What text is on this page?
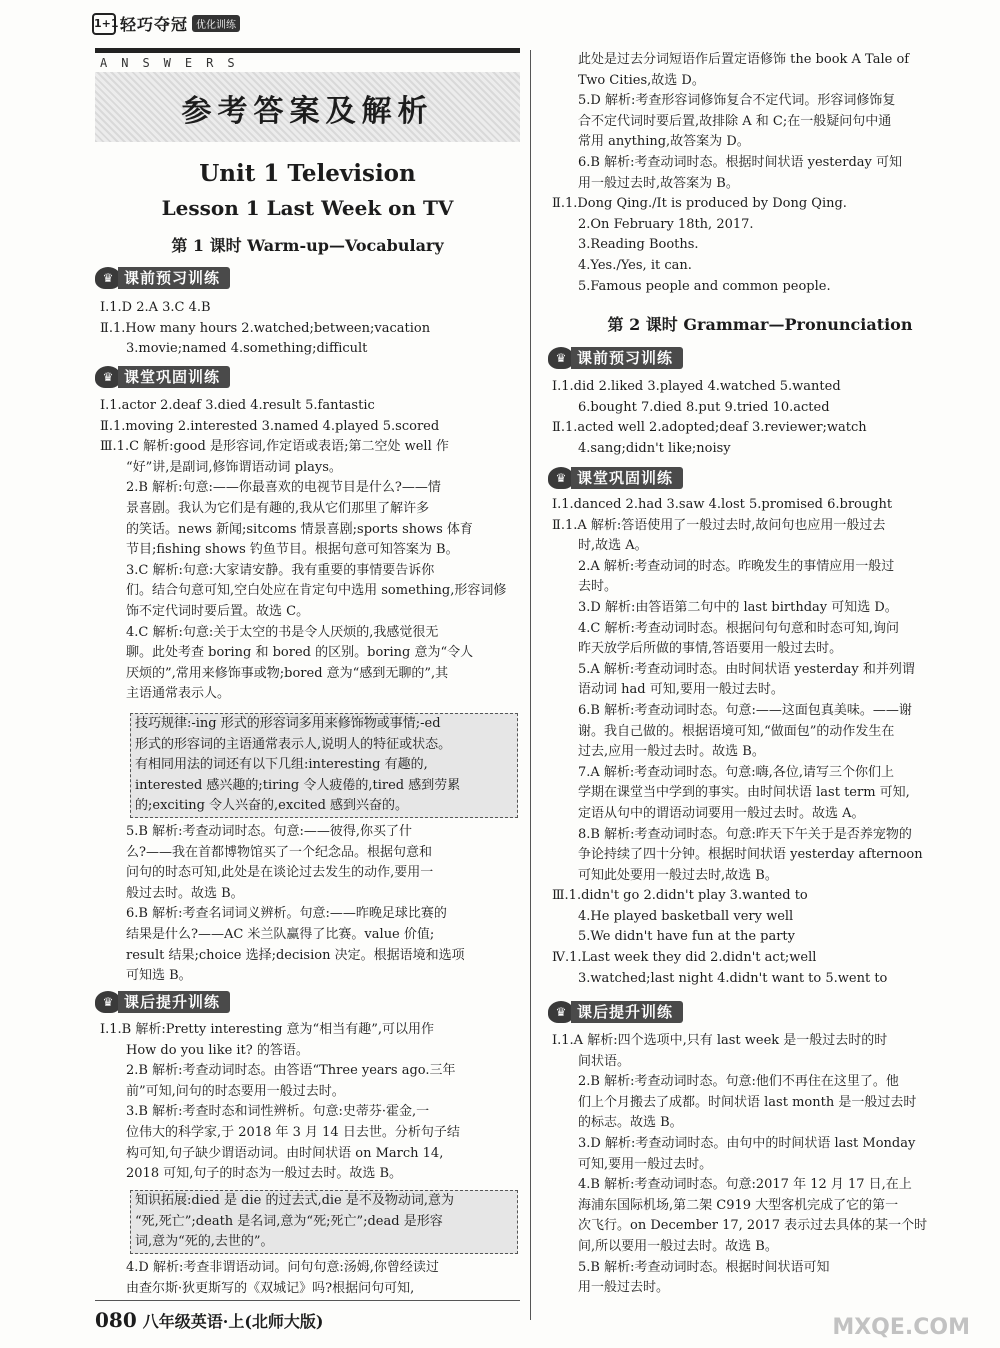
1+1 轻巧夺冠 优化训练
ANSWERS
参考答案及解析
Unit 1 Television
Lesson 1 Last Week on TV
第 1 课时 Warm-up—Vocabulary
♛ 课前预习训练
Ⅰ.1.D 2.A 3.C 4.B
Ⅱ.1.How many hours 2.watched;between;vacation
  3.movie;named 4.something;difficult
♛ 课堂巩固训练
Ⅰ.1.actor 2.deaf 3.died 4.result 5.fantastic
Ⅱ.1.moving 2.interested 3.named 4.played 5.scored
Ⅲ.1.C 解析:good 是形容词,作定语或表语;第二空处 well 作
  “好”讲,是副词,修饰谓语动词 plays。
  2.B 解析:句意:——你最喜欢的电视节目是什么?——情
  景喜剧。我认为它们是有趣的,我从它们那里了解许多
  的笑话。news 新闻;sitcoms 情景喜剧;sports shows 体育
  节目;fishing shows 钓鱼节目。根据句意可知答案为 B。
  3.C 解析:句意:大家请安静。我有重要的事情要告诉你
  们。结合句意可知,空白处应在肯定句中选用 something,形容词修
  饰不定代词时要后置。故选 C。
  4.C 解析:句意:关于太空的书是令人厌烦的,我感觉很无
  聊。此处考查 boring 和 bored 的区别。boring 意为“令人
  厌烦的”,常用来修饰事或物;bored 意为“感到无聊的”,其
  主语通常表示人。
技巧规律:-ing 形式的形容词多用来修饰物或事情;-ed
形式的形容词的主语通常表示人,说明人的特征或状态。
有相同用法的词还有以下几组:interesting 有趣的,
interested 感兴趣的;tiring 令人疲倦的,tired 感到劳累
的;exciting 令人兴奋的,excited 感到兴奋的。
  5.B 解析:考查动词时态。句意:——彼得,你买了什
  么?——我在首都博物馆买了一个纪念品。根据句意和
  问句的时态可知,此处是在谈论过去发生的动作,要用一
  般过去时。故选 B。
  6.B 解析:考查名词词义辨析。句意:——昨晚足球比赛的
  结果是什么?——AC 米兰队赢得了比赛。value 价值;
  result 结果;choice 选择;decision 决定。根据语境和选项
  可知选 B。
♛ 课后提升训练
Ⅰ.1.B 解析:Pretty interesting 意为“相当有趣”,可以用作
  How do you like it? 的答语。
  2.B 解析:考查动词时态。由答语“Three years ago.三年
  前”可知,问句的时态要用一般过去时。
  3.B 解析:考查时态和词性辨析。句意:史蒂芬·霍金,一
  位伟大的科学家,于 2018 年 3 月 14 日去世。分析句子结
  构可知,句子缺少谓语动词。由时间状语 on March 14,
  2018 可知,句子的时态为一般过去时。故选 B。
知识拓展:died 是 die 的过去式,die 是不及物动词,意为
“死,死亡”;death 是名词,意为“死;死亡”;dead 是形容
词,意为“死的,去世的”。
  4.D 解析:考查非谓语动词。问句句意:汤姆,你曾经读过
  由查尔斯·狄更斯写的《双城记》吗?根据问句可知,
  此处是过去分词短语作后置定语修饰 the book A Tale of
  Two Cities,故选 D。
  5.D 解析:考查形容词修饰复合不定代词。形容词修饰复
  合不定代词时要后置,故排除 A 和 C;在一般疑问句中通
  常用 anything,故答案为 D。
  6.B 解析:考查动词时态。根据时间状语 yesterday 可知
  用一般过去时,故答案为 B。
Ⅱ.1.Dong Qing./It is produced by Dong Qing.
  2.On February 18th, 2017.
  3.Reading Booths.
  4.Yes./Yes, it can.
  5.Famous people and common people.
第 2 课时 Grammar—Pronunciation
♛ 课前预习训练
Ⅰ.1.did 2.liked 3.played 4.watched 5.wanted
  6.bought 7.died 8.put 9.tried 10.acted
Ⅱ.1.acted well 2.adopted;deaf 3.reviewer;watch
  4.sang;didn't like;noisy
♛ 课堂巩固训练
Ⅰ.1.danced 2.had 3.saw 4.lost 5.promised 6.brought
Ⅱ.1.A 解析:答语使用了一般过去时,故问句也应用一般过去
  时,故选 A。
  2.A 解析:考查动词的时态。昨晚发生的事情应用一般过
  去时。
  3.D 解析:由答语第二句中的 last birthday 可知选 D。
  4.C 解析:考查动词时态。根据问句句意和时态可知,询问
  昨天放学后所做的事情,答语要用一般过去时。
  5.A 解析:考查动词时态。由时间状语 yesterday 和并列谓
  语动词 had 可知,要用一般过去时。
  6.B 解析:考查动词时态。句意:——这面包真美味。——谢
  谢。我自己做的。根据语境可知,“做面包”的动作发生在
  过去,应用一般过去时。故选 B。
  7.A 解析:考查动词时态。句意:嗨,各位,请写三个你们上
  学期在课堂当中学到的事实。由时间状语 last term 可知,
  定语从句中的谓语动词要用一般过去时。故选 A。
  8.B 解析:考查动词时态。句意:昨天下午关于是否养宠物的
  争论持续了四十分钟。根据时间状语 yesterday afternoon
  可知此处要用一般过去时,故选 B。
Ⅲ.1.didn't go 2.didn't play 3.wanted to
  4.He played basketball very well
  5.We didn't have fun at the party
Ⅳ.1.Last week they did 2.didn't act;well
  3.watched;last night 4.didn't want to 5.went to
♛ 课后提升训练
Ⅰ.1.A 解析:四个选项中,只有 last week 是一般过去时的时
  间状语。
  2.B 解析:考查动词时态。句意:他们不再住在这里了。他
  们上个月搬去了成都。时间状语 last month 是一般过去时
  的标志。故选 B。
  3.D 解析:考查动词时态。由句中的时间状语 last Monday
  可知,要用一般过去时。
  4.B 解析:考查动词时态。句意:2017 年 12 月 17 日,在上
  海浦东国际机场,第二架 C919 大型客机完成了它的第一
  次飞行。on December 17, 2017 表示过去具体的某一个时
  间,所以要用一般过去时。故选 B。
  5.B 解析:考查动词时态。根据时间状语可知
  用一般过去时。
080 八年级英语·上(北师大版)	MXQE.COM
